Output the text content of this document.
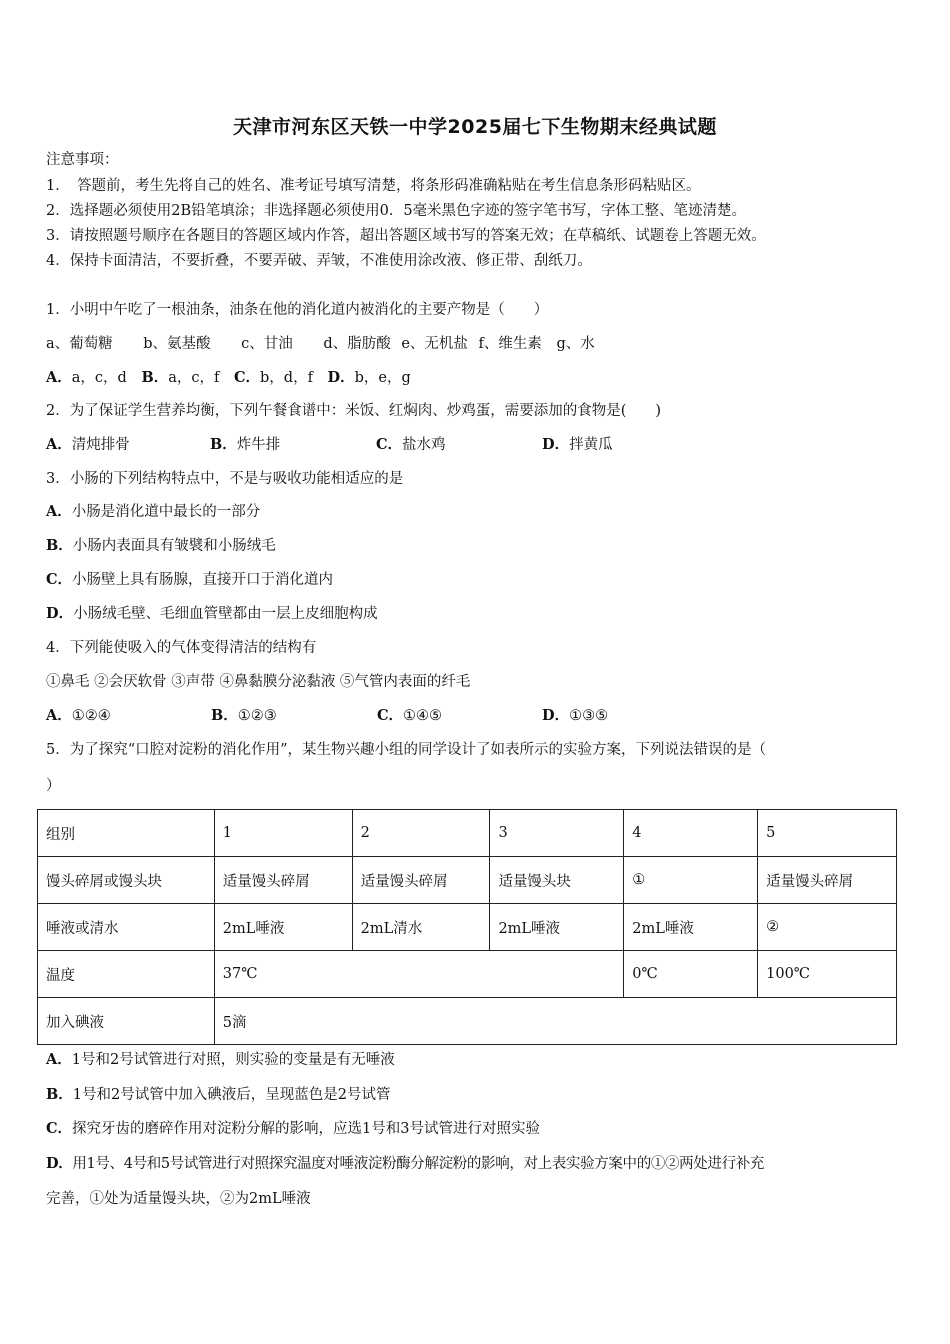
天津市河东区天铁一中学2025届七下生物期末经典试题
注意事项：
1．　答题前，考生先将自己的姓名、准考证号填写清楚，将条形码准确粘贴在考生信息条形码粘贴区。
2．选择题必须使用2B铅笔填涂；非选择题必须使用0．5毫米黑色字迹的签字笔书写，字体工整、笔迹清楚。
3．请按照题号顺序在各题目的答题区域内作答，超出答题区域书写的答案无效；在草稿纸、试题卷上答题无效。
4．保持卡面清洁，不要折叠，不要弄破、弄皱，不准使用涂改液、修正带、刮纸刀。
1．小明中午吃了一根油条，油条在他的消化道内被消化的主要产物是（　　）
a、葡萄糖 b、氨基酸 c、甘油 d、脂肪酸 e、无机盐 f、维生素 g、水
A．a，c，d B．a，c，f C．b，d，f D．b，e，g
2．为了保证学生营养均衡，下列午餐食谱中：米饭、红焖肉、炒鸡蛋，需要添加的食物是(　　)
A．清炖排骨	B．炸牛排	C．盐水鸡	D．拌黄瓜
3．小肠的下列结构特点中，不是与吸收功能相适应的是
A．小肠是消化道中最长的一部分
B．小肠内表面具有皱襞和小肠绒毛
C．小肠壁上具有肠腺，直接开口于消化道内
D．小肠绒毛壁、毛细血管壁都由一层上皮细胞构成
4．下列能使吸入的气体变得清洁的结构有
①鼻毛 ②会厌软骨 ③声带 ④鼻黏膜分泌黏液 ⑤气管内表面的纤毛
A．①②④	B．①②③	C．①④⑤	D．①③⑤
5．为了探究“口腔对淀粉的消化作用”，某生物兴趣小组的同学设计了如表所示的实验方案，下列说法错误的是（
）
组别	1	2	3	4	5
馒头碎屑或馒头块	适量馒头碎屑	适量馒头碎屑	适量馒头块	①	适量馒头碎屑
唾液或清水	2mL唾液	2mL清水	2mL唾液	2mL唾液	②
温度	37℃			0℃	100℃
加入碘液	5滴				
A．1号和2号试管进行对照，则实验的变量是有无唾液
B．1号和2号试管中加入碘液后，呈现蓝色是2号试管
C．探究牙齿的磨碎作用对淀粉分解的影响，应选1号和3号试管进行对照实验
D．用1号、4号和5号试管进行对照探究温度对唾液淀粉酶分解淀粉的影响，对上表实验方案中的①②两处进行补充
完善，①处为适量馒头块，②为2mL唾液
